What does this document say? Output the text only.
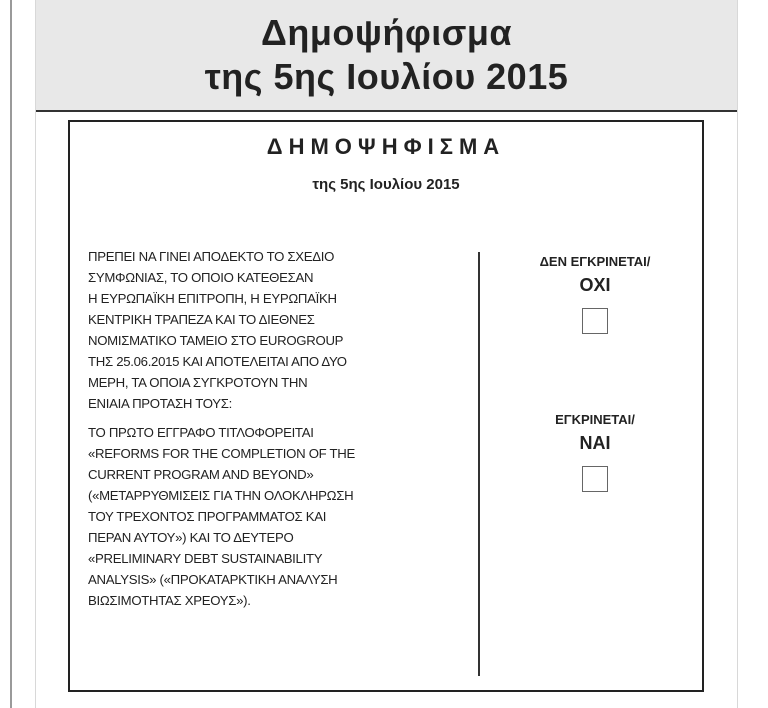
Δημοψήφισμα
της 5ης Ιουλίου 2015
ΔΗΜΟΨΗΦΙΣΜΑ
της 5ης Ιουλίου 2015

ΠΡΕΠΕΙ ΝΑ ΓΙΝΕΙ ΑΠΟΔΕΚΤΟ ΤΟ ΣΧΕΔΙΟ
ΣΥΜΦΩΝΙΑΣ, ΤΟ ΟΠΟΙΟ ΚΑΤΕΘΕΣΑΝ
Η ΕΥΡΩΠΑΪΚΗ ΕΠΙΤΡΟΠΗ, Η ΕΥΡΩΠΑΪΚΗ
ΚΕΝΤΡΙΚΗ ΤΡΑΠΕΖΑ ΚΑΙ ΤΟ ΔΙΕΘΝΕΣ
ΝΟΜΙΣΜΑΤΙΚΟ ΤΑΜΕΙΟ ΣΤΟ EUROGROUP
ΤΗΣ 25.06.2015 ΚΑΙ ΑΠΟΤΕΛΕΙΤΑΙ ΑΠΟ ΔΥΟ
ΜΕΡΗ, ΤΑ ΟΠΟΙΑ ΣΥΓΚΡΟΤΟΥΝ ΤΗΝ
ΕΝΙΑΙΑ ΠΡΟΤΑΣΗ ΤΟΥΣ:

ΤΟ ΠΡΩΤΟ ΕΓΓΡΑΦΟ ΤΙΤΛΟΦΟΡΕΙΤΑΙ
«REFORMS FOR THE COMPLETION OF THE
CURRENT PROGRAM AND BEYOND»
(«ΜΕΤΑΡΡΥΘΜΙΣΕΙΣ ΓΙΑ ΤΗΝ ΟΛΟΚΛΗΡΩΣΗ
ΤΟΥ ΤΡΕΧΟΝΤΟΣ ΠΡΟΓΡΑΜΜΑΤΟΣ ΚΑΙ
ΠΕΡΑΝ ΑΥΤΟΥ») ΚΑΙ ΤΟ ΔΕΥΤΕΡΟ
«PRELIMINARY DEBT SUSTAINABILITY
ANALYSIS» («ΠΡΟΚΑΤΑΡΚΤΙΚΗ ΑΝΑΛΥΣΗ
ΒΙΩΣΙΜΟΤΗΤΑΣ ΧΡΕΟΥΣ»).

ΔΕΝ ΕΓΚΡΙΝΕΤΑΙ/
ΟΧΙ
ΕΓΚΡΙΝΕΤΑΙ/
ΝΑΙ
